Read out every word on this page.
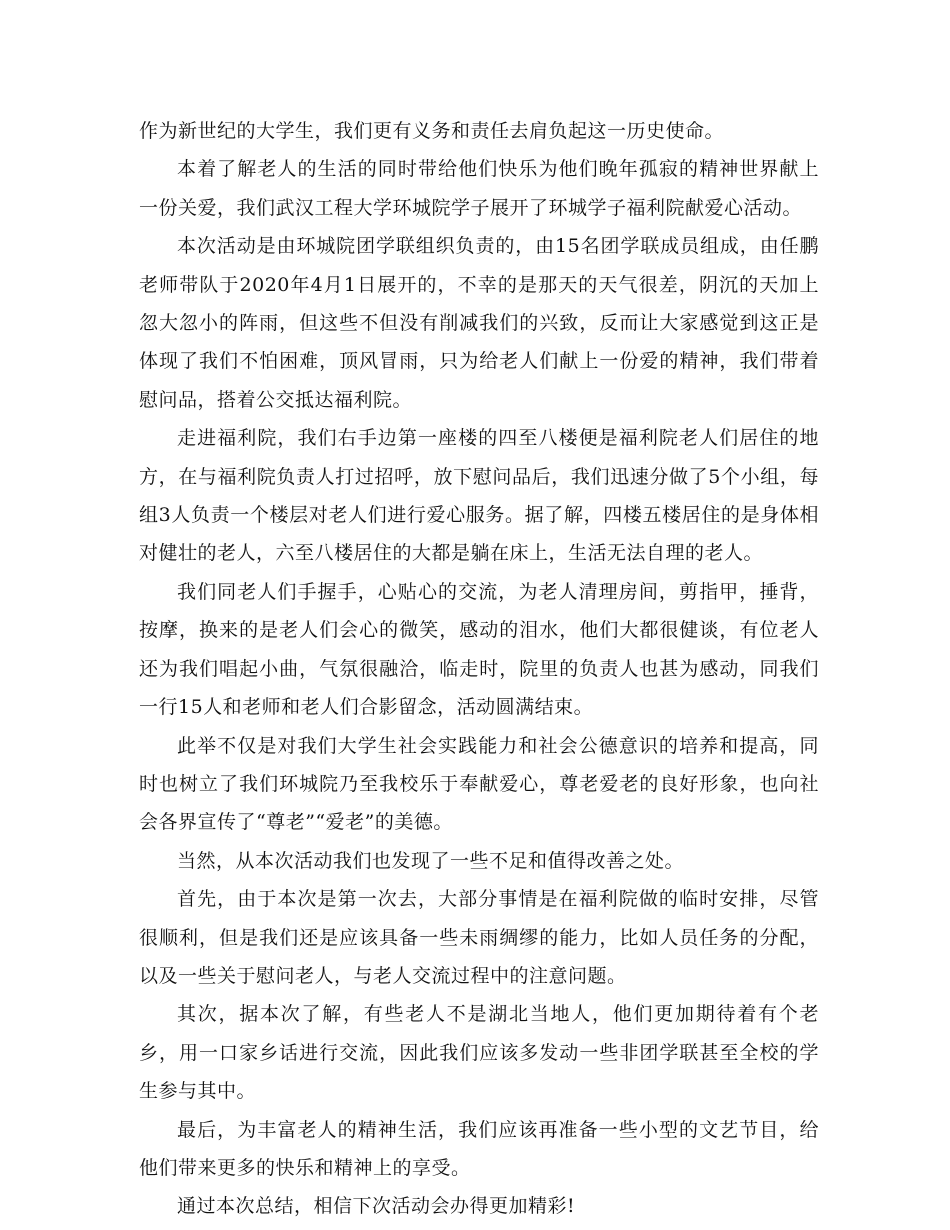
作为新世纪的大学生，我们更有义务和责任去肩负起这一历史使命。

本着了解老人的生活的同时带给他们快乐为他们晚年孤寂的精神世界献上一份关爱，我们武汉工程大学环城院学子展开了环城学子福利院献爱心活动。

本次活动是由环城院团学联组织负责的，由15名团学联成员组成，由任鹏老师带队于2020年4月1日展开的，不幸的是那天的天气很差，阴沉的天加上忽大忽小的阵雨，但这些不但没有削减我们的兴致，反而让大家感觉到这正是体现了我们不怕困难，顶风冒雨，只为给老人们献上一份爱的精神，我们带着慰问品，搭着公交抵达福利院。

走进福利院，我们右手边第一座楼的四至八楼便是福利院老人们居住的地方，在与福利院负责人打过招呼，放下慰问品后，我们迅速分做了5个小组，每组3人负责一个楼层对老人们进行爱心服务。据了解，四楼五楼居住的是身体相对健壮的老人，六至八楼居住的大都是躺在床上，生活无法自理的老人。

我们同老人们手握手，心贴心的交流，为老人清理房间，剪指甲，捶背，按摩，换来的是老人们会心的微笑，感动的泪水，他们大都很健谈，有位老人还为我们唱起小曲，气氛很融洽，临走时，院里的负责人也甚为感动，同我们一行15人和老师和老人们合影留念，活动圆满结束。

此举不仅是对我们大学生社会实践能力和社会公德意识的培养和提高，同时也树立了我们环城院乃至我校乐于奉献爱心，尊老爱老的良好形象，也向社会各界宣传了“尊老”“爱老”的美德。

当然，从本次活动我们也发现了一些不足和值得改善之处。

首先，由于本次是第一次去，大部分事情是在福利院做的临时安排，尽管很顺利，但是我们还是应该具备一些未雨绸缪的能力，比如人员任务的分配，以及一些关于慰问老人，与老人交流过程中的注意问题。

其次，据本次了解，有些老人不是湖北当地人，他们更加期待着有个老乡，用一口家乡话进行交流，因此我们应该多发动一些非团学联甚至全校的学生参与其中。

最后，为丰富老人的精神生活，我们应该再准备一些小型的文艺节目，给他们带来更多的快乐和精神上的享受。

通过本次总结，相信下次活动会办得更加精彩!
